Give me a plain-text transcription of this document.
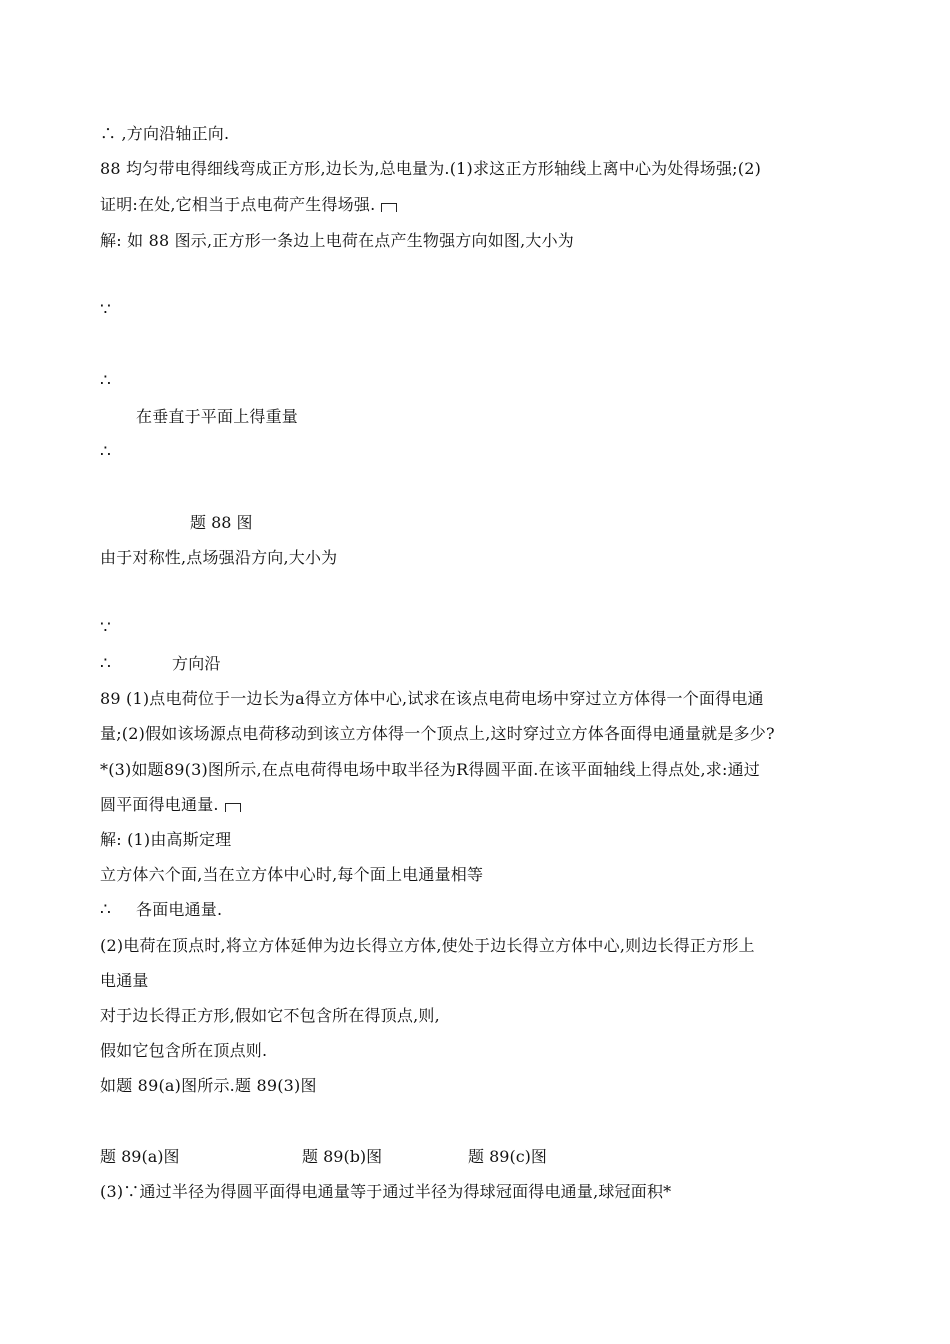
∴ ,方向沿轴正向.
88 均匀带电得细线弯成正方形,边长为,总电量为.(1)求这正方形轴线上离中心为处得场强;(2)
证明:在处,它相当于点电荷产生得场强.
解: 如 88 图示,正方形一条边上电荷在点产生物强方向如图,大小为
∵
∴
在垂直于平面上得重量
∴
题 88 图
由于对称性,点场强沿方向,大小为
∵
∴	方向沿
89 (1)点电荷位于一边长为a得立方体中心,试求在该点电荷电场中穿过立方体得一个面得电通
量;(2)假如该场源点电荷移动到该立方体得一个顶点上,这时穿过立方体各面得电通量就是多少?
*(3)如题89(3)图所示,在点电荷得电场中取半径为R得圆平面.在该平面轴线上得点处,求:通过
圆平面得电通量.
解: (1)由高斯定理
立方体六个面,当在立方体中心时,每个面上电通量相等
∴ 各面电通量.
(2)电荷在顶点时,将立方体延伸为边长得立方体,使处于边长得立方体中心,则边长得正方形上
电通量
对于边长得正方形,假如它不包含所在得顶点,则,
假如它包含所在顶点则.
如题 89(a)图所示.题 89(3)图
题 89(a)图	题 89(b)图	题 89(c)图
(3)∵通过半径为得圆平面得电通量等于通过半径为得球冠面得电通量,球冠面积*
